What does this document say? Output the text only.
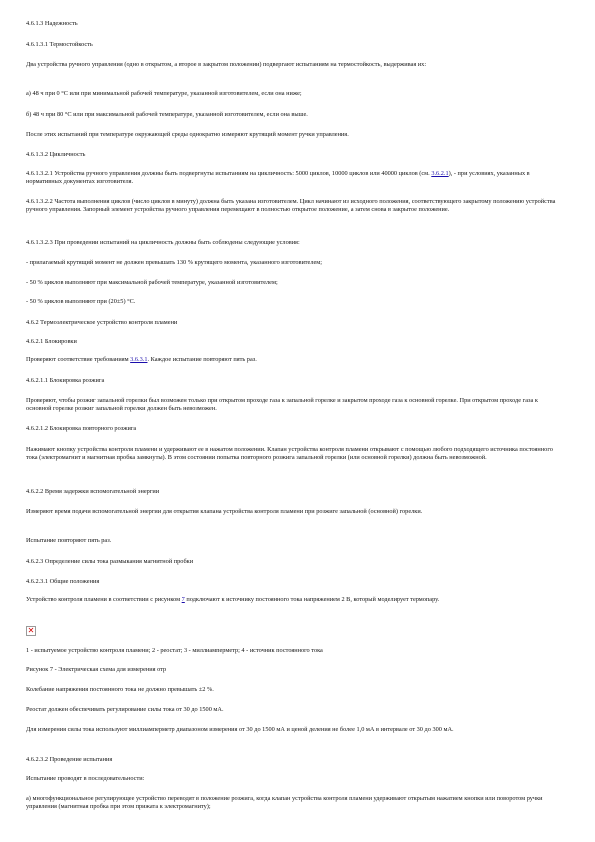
4.6.1.3 Надежность

4.6.1.3.1 Термостойкость

Два устройства ручного управления (одно в открытом, а второе в закрытом положении) подвергают испытаниям на термостойкость, выдерживая их:

а) 48 ч при 0 °С или при минимальной рабочей температуре, указанной изготовителем, если она ниже;

б) 48 ч при 80 °С или при максимальной рабочей температуре, указанной изготовителем, если она выше.

После этих испытаний при температуре окружающей среды однократно измеряют крутящий момент ручки управления.

4.6.1.3.2 Цикличность

4.6.1.3.2.1 Устройства ручного управления должны быть подвергнуты испытаниям на цикличность: 5000 циклов, 10000 циклов или 40000 циклов (см. 3.6.2.1), - при условиях, указанных в нормативных документах изготовителя.

4.6.1.3.2.2 Частота выполнения циклов (число циклов в минуту) должна быть указана изготовителем. Цикл начинают из исходного положения, соответствующего закрытому положению устройства ручного управления. Запорный элемент устройства ручного управления перемещают в полностью открытое положение, а затем снова в закрытое положение.

4.6.1.3.2.3 При проведении испытаний на цикличность должны быть соблюдены следующие условия:

- прилагаемый крутящий момент не должен превышать 130 % крутящего момента, указанного изготовителем;

- 50 % циклов выполняют при максимальной рабочей температуре, указанной изготовителем;

- 50 % циклов выполняют при (20±5) °С.

4.6.2 Термоэлектрическое устройство контроля пламени

4.6.2.1 Блокировки

Проверяют соответствие требованиям 3.6.3.1. Каждое испытание повторяют пять раз.

4.6.2.1.1 Блокировка розжига

Проверяют, чтобы розжиг запальной горелки был возможен только при открытом проходе газа к запальной горелке и закрытом проходе газа к основной горелке. При открытом проходе газа к основной горелке розжиг запальной горелки должен быть невозможен.

4.6.2.1.2 Блокировка повторного розжига

Нажимают кнопку устройства контроля пламени и удерживают ее в нажатом положении. Клапан устройства контроля пламени открывают с помощью любого подходящего источника постоянного тока (электромагнит и магнитная пробка замкнуты). В этом состоянии попытка повторного розжига запальной горелки (или основной горелки) должна быть невозможной.

4.6.2.2 Время задержки вспомогательной энергии

Измеряют время подачи вспомогательной энергии для открытия клапана устройства контроля пламени при розжиге запальной (основной) горелки.

Испытание повторяют пять раз.

4.6.2.3 Определение силы тока размыкания магнитной пробки

4.6.2.3.1 Общие положения

Устройство контроля пламени в соответствии с рисунком 7 подключают к источнику постоянного тока напряжением 2 В, который моделирует термопару.

✕

1 - испытуемое устройство контроля пламени; 2 - реостат; 3 - миллиамперметр; 4 - источник постоянного тока

Рисунок 7 - Электрическая схема для измерения отр

Колебание напряжения постоянного тока не должно превышать ±2 %.

Реостат должен обеспечивать регулирование силы тока от 30 до 1500 мА.

Для измерения силы тока используют миллиамперметр диапазоном измерения от 30 до 1500 мА и ценой деления не более 1,0 мА в интервале от 30 до 300 мА.

4.6.2.3.2 Проведение испытания

Испытание проводят в последовательности:

а) многофункциональное регулирующее устройство переводят в положение розжига, когда клапан устройства контроля пламени удерживают открытым нажатием кнопки или поворотом ручки управления (магнитная пробка при этом прижата к электромагниту);
